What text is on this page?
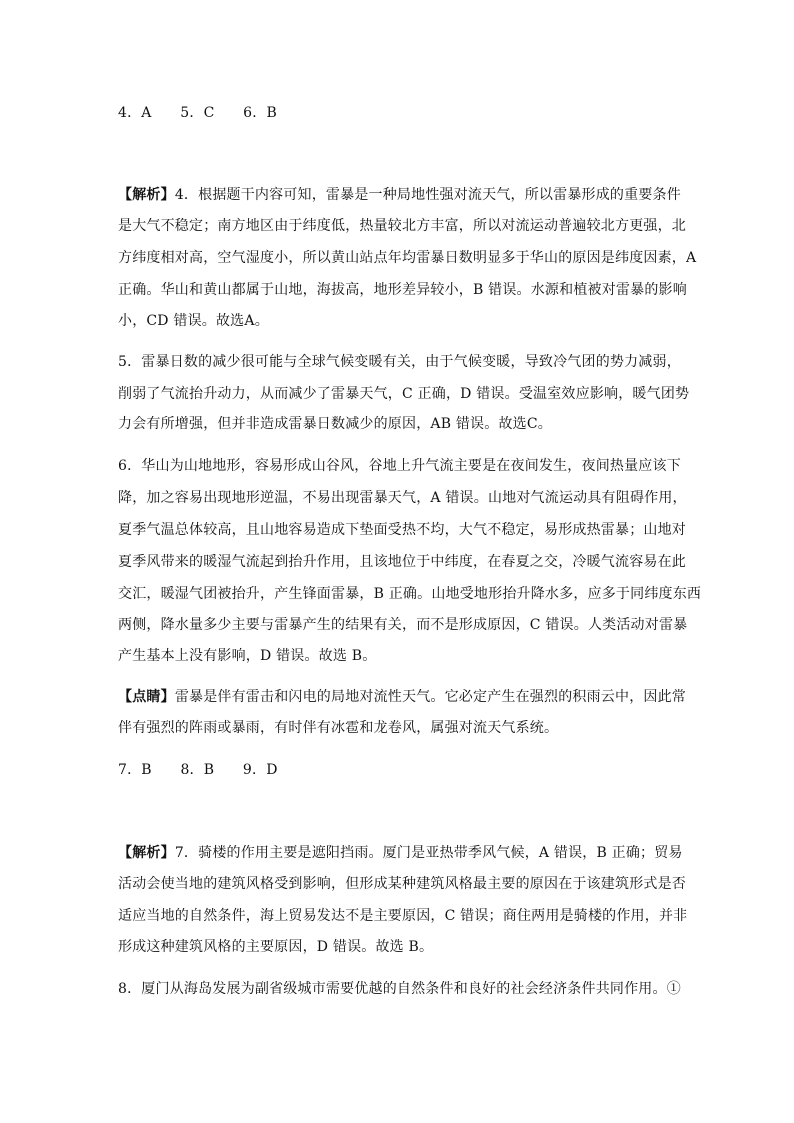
4．A 5．C 6．B
【解析】4．根据题干内容可知，雷暴是一种局地性强对流天气，所以雷暴形成的重要条件
是大气不稳定；南方地区由于纬度低，热量较北方丰富，所以对流运动普遍较北方更强，北
方纬度相对高，空气湿度小，所以黄山站点年均雷暴日数明显多于华山的原因是纬度因素，A
正确。华山和黄山都属于山地，海拔高，地形差异较小，B 错误。水源和植被对雷暴的影响
小，CD 错误。故选A。
5．雷暴日数的减少很可能与全球气候变暖有关，由于气候变暖，导致冷气团的势力减弱，
削弱了气流抬升动力，从而减少了雷暴天气，C 正确，D 错误。受温室效应影响，暖气团势
力会有所增强，但并非造成雷暴日数减少的原因，AB 错误。故选C。
6．华山为山地地形，容易形成山谷风，谷地上升气流主要是在夜间发生，夜间热量应该下
降，加之容易出现地形逆温，不易出现雷暴天气，A 错误。山地对气流运动具有阻碍作用，
夏季气温总体较高，且山地容易造成下垫面受热不均，大气不稳定，易形成热雷暴；山地对
夏季风带来的暖湿气流起到抬升作用，且该地位于中纬度，在春夏之交，冷暖气流容易在此
交汇，暖湿气团被抬升，产生锋面雷暴，B 正确。山地受地形抬升降水多，应多于同纬度东西
两侧，降水量多少主要与雷暴产生的结果有关，而不是形成原因，C 错误。人类活动对雷暴
产生基本上没有影响，D 错误。故选 B。
【点睛】雷暴是伴有雷击和闪电的局地对流性天气。它必定产生在强烈的积雨云中，因此常
伴有强烈的阵雨或暴雨，有时伴有冰雹和龙卷风，属强对流天气系统。
7．B 8．B 9．D
【解析】7．骑楼的作用主要是遮阳挡雨。厦门是亚热带季风气候，A 错误，B 正确；贸易
活动会使当地的建筑风格受到影响，但形成某种建筑风格最主要的原因在于该建筑形式是否
适应当地的自然条件，海上贸易发达不是主要原因，C 错误；商住两用是骑楼的作用，并非
形成这种建筑风格的主要原因，D 错误。故选 B。
8．厦门从海岛发展为副省级城市需要优越的自然条件和良好的社会经济条件共同作用。①
